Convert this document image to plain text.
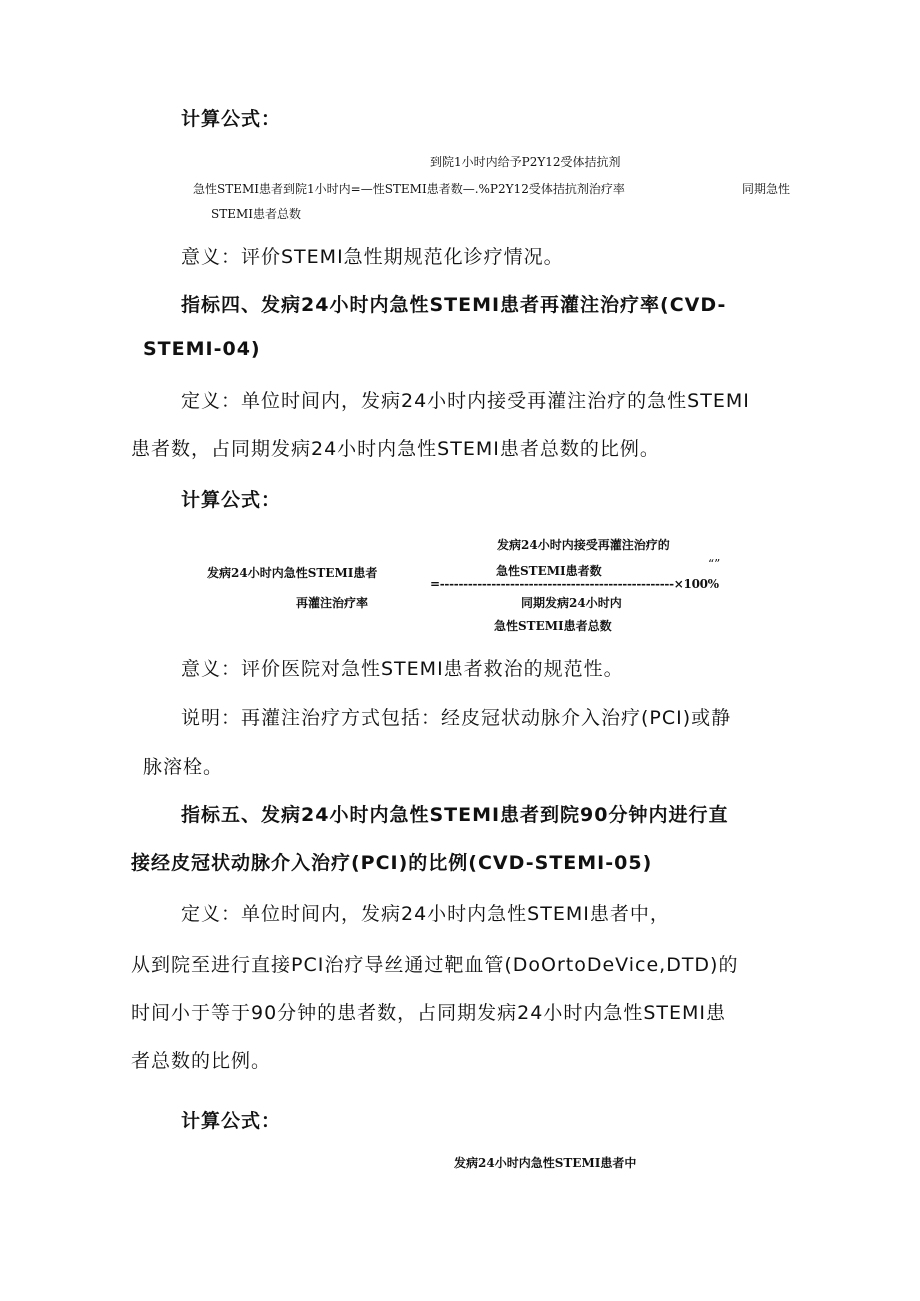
计算公式：
到院1小时内给予P2Y12受体拮抗剂
急性STEMI患者到院1小时内=—性STEMI患者数—.%P2Y12受体拮抗剂治疗率	同期急性
STEMI患者总数
意义：评价STEMI急性期规范化诊疗情况。
指标四、发病24小时内急性STEMI患者再灌注治疗率(CVD-
STEMI-04)
定义：单位时间内，发病24小时内接受再灌注治疗的急性STEMI
患者数，占同期发病24小时内急性STEMI患者总数的比例。
计算公式：
发病24小时内接受再灌注治疗的
发病24小时内急性STEMI患者	急性STEMI患者数	“”
=--------------------------------------------------×100%
再灌注治疗率	同期发病24小时内
急性STEMI患者总数
意义：评价医院对急性STEMI患者救治的规范性。
说明：再灌注治疗方式包括：经皮冠状动脉介入治疗(PCI)或静
脉溶栓。
指标五、发病24小时内急性STEMI患者到院90分钟内进行直
接经皮冠状动脉介入治疗(PCI)的比例(CVD-STEMI-05)
定义：单位时间内，发病24小时内急性STEMI患者中，
从到院至进行直接PCI治疗导丝通过靶血管(DoOrtoDeVice,DTD)的
时间小于等于90分钟的患者数，占同期发病24小时内急性STEMI患
者总数的比例。
计算公式：
发病24小时内急性STEMI患者中
